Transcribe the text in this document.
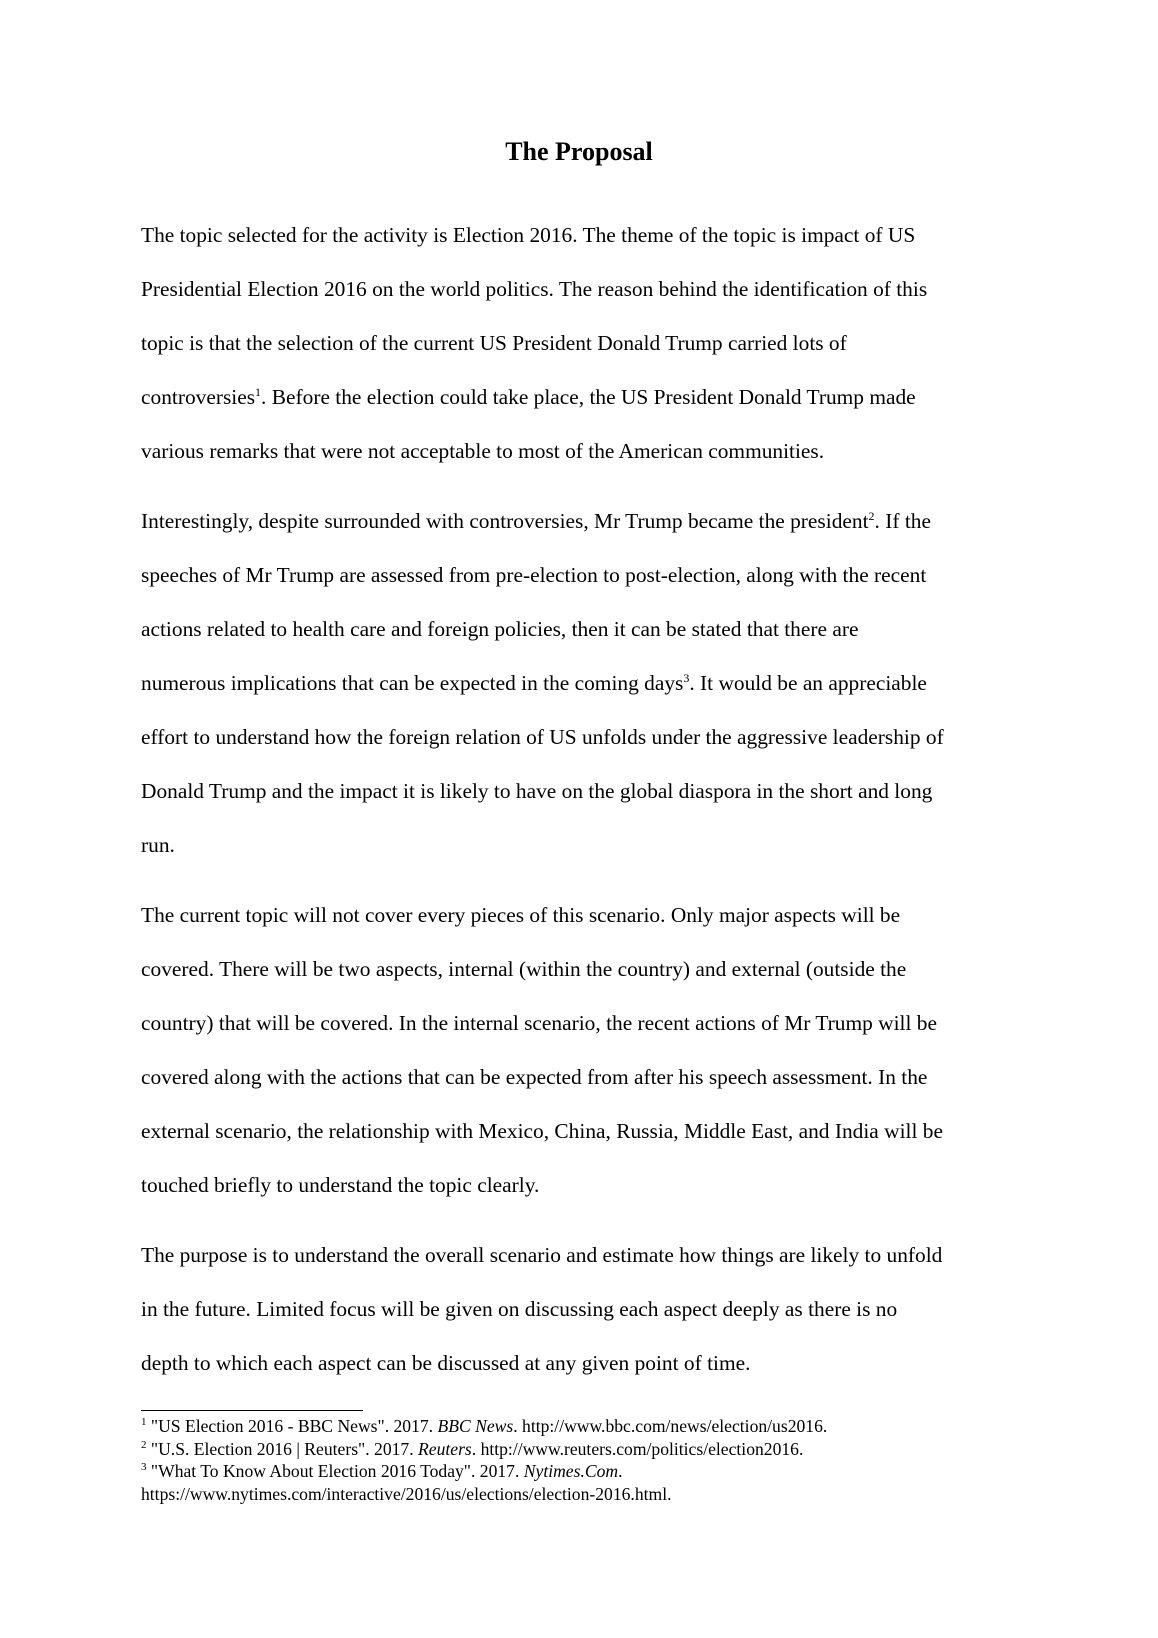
The Proposal

The topic selected for the activity is Election 2016. The theme of the topic is impact of US
Presidential Election 2016 on the world politics. The reason behind the identification of this
topic is that the selection of the current US President Donald Trump carried lots of
controversies$^1$. Before the election could take place, the US President Donald Trump made
various remarks that were not acceptable to most of the American communities.

Interestingly, despite surrounded with controversies, Mr Trump became the president$^2$. If the
speeches of Mr Trump are assessed from pre-election to post-election, along with the recent
actions related to health care and foreign policies, then it can be stated that there are
numerous implications that can be expected in the coming days$^3$. It would be an appreciable
effort to understand how the foreign relation of US unfolds under the aggressive leadership of
Donald Trump and the impact it is likely to have on the global diaspora in the short and long
run.

The current topic will not cover every pieces of this scenario. Only major aspects will be
covered. There will be two aspects, internal (within the country) and external (outside the
country) that will be covered. In the internal scenario, the recent actions of Mr Trump will be
covered along with the actions that can be expected from after his speech assessment. In the
external scenario, the relationship with Mexico, China, Russia, Middle East, and India will be
touched briefly to understand the topic clearly.

The purpose is to understand the overall scenario and estimate how things are likely to unfold
in the future. Limited focus will be given on discussing each aspect deeply as there is no
depth to which each aspect can be discussed at any given point of time.

$^1$ "US Election 2016 - BBC News". 2017. BBC News. http://www.bbc.com/news/election/us2016.
$^2$ "U.S. Election 2016 | Reuters". 2017. Reuters. http://www.reuters.com/politics/election2016.
$^3$ "What To Know About Election 2016 Today". 2017. Nytimes.Com.
https://www.nytimes.com/interactive/2016/us/elections/election-2016.html.
